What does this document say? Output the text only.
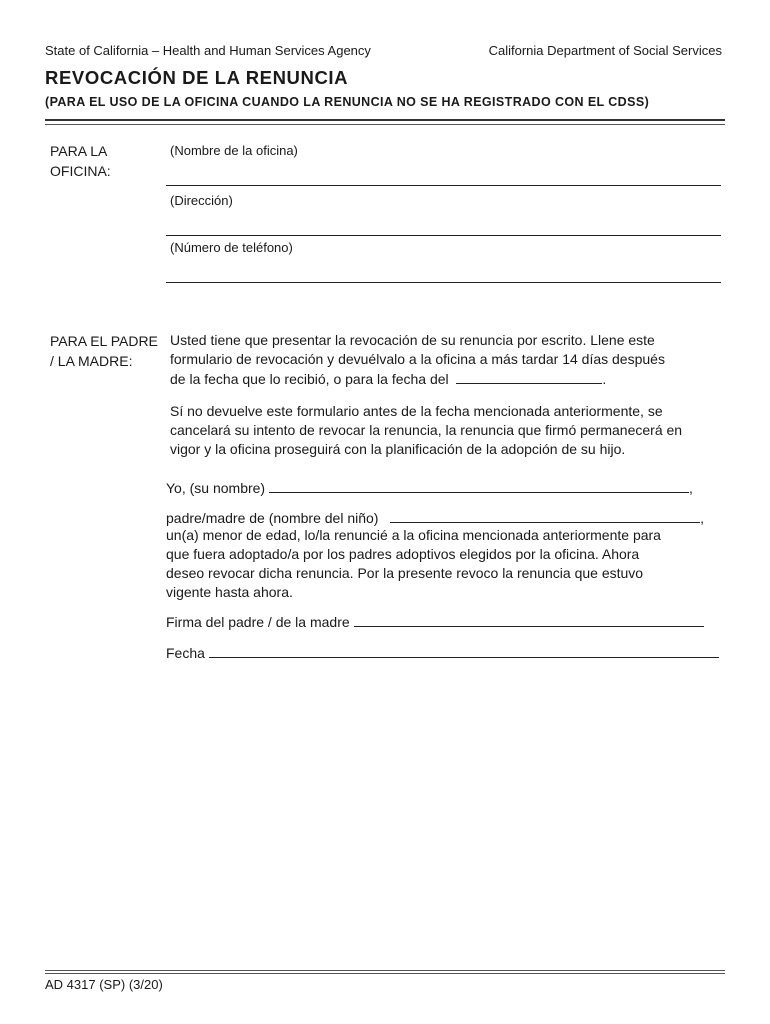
State of California – Health and Human Services Agency	California Department of Social Services
REVOCACIÓN DE LA RENUNCIA
(PARA EL USO DE LA OFICINA CUANDO LA RENUNCIA NO SE HA REGISTRADO CON EL CDSS)
PARA LA
OFICINA:
(Nombre de la oficina)
(Dirección)
(Número de teléfono)
PARA EL PADRE
/ LA MADRE:
Usted tiene que presentar la revocación de su renuncia por escrito. Llene este
formulario de revocación y devuélvalo a la oficina a más tardar 14 días después
de la fecha que lo recibió, o para la fecha del	.
Sí no devuelve este formulario antes de la fecha mencionada anteriormente, se
cancelará su intento de revocar la renuncia, la renuncia que firmó permanecerá en
vigor y la oficina proseguirá con la planificación de la adopción de su hijo.
Yo, (su nombre)	,
padre/madre de (nombre del niño)	,
un(a) menor de edad, lo/la renuncié a la oficina mencionada anteriormente para
que fuera adoptado/a por los padres adoptivos elegidos por la oficina. Ahora
deseo revocar dicha renuncia. Por la presente revoco la renuncia que estuvo
vigente hasta ahora.
Firma del padre / de la madre
Fecha
AD 4317 (SP) (3/20)
